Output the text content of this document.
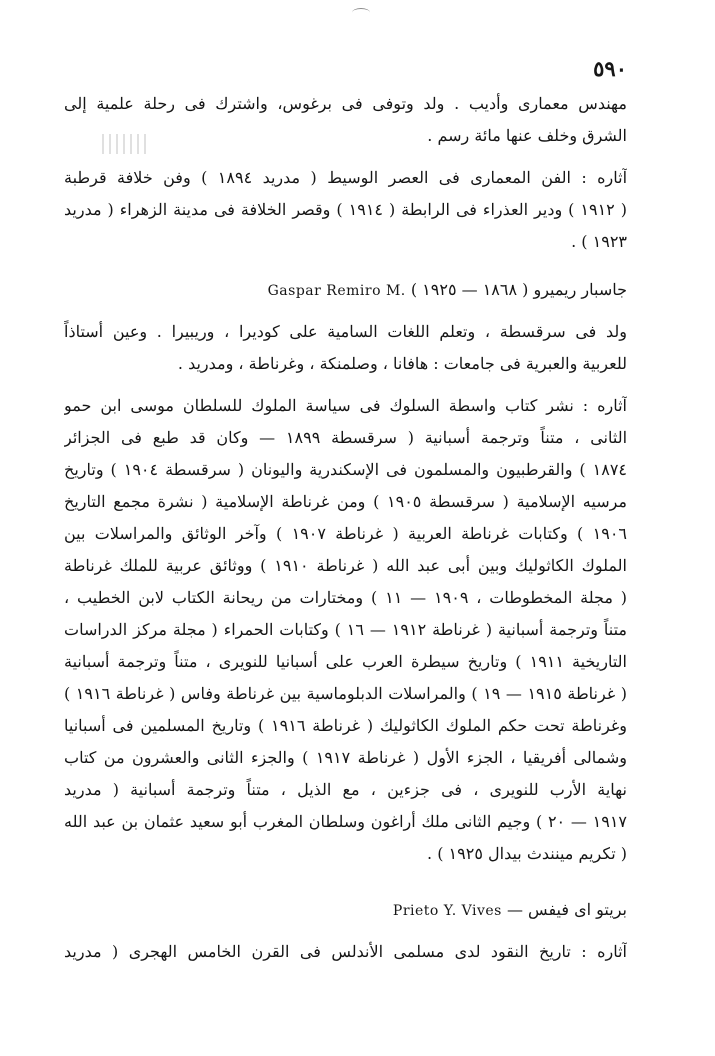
٥٩٠
مهندس معمارى وأديب . ولد وتوفى فى برغوس، واشترك فى رحلة علمية إلى
الشرق وخلف عنها مائة رسم .
آثاره : الفن المعمارى فى العصر الوسيط ( مدريد ١٨٩٤ ) وفن خلافة قرطبة
( ١٩١٢ ) ودير العذراء فى الرابطة ( ١٩١٤ ) وقصر الخلافة فى مدينة الزهراء ( مدريد
١٩٢٣ ) .
جاسبار ريميرو ( ١٨٦٨ — ١٩٢٥ ) Gaspar Remiro M.
ولد فى سرقسطة ، وتعلم اللغات السامية على كوديرا ، وريبيرا . وعين أستاذاً
للعربية والعبرية فى جامعات : هافانا ، وصلمنكة ، وغرناطة ، ومدريد .
آثاره : نشر كتاب واسطة السلوك فى سياسة الملوك للسلطان موسى ابن حمو
الثانى ، متناً وترجمة أسبانية ( سرقسطة ١٨٩٩ — وكان قد طبع فى الجزائر
١٨٧٤ ) والقرطبيون والمسلمون فى الإسكندرية واليونان ( سرقسطة ١٩٠٤ ) وتاريخ
مرسيه الإسلامية ( سرقسطة ١٩٠٥ ) ومن غرناطة الإسلامية ( نشرة مجمع التاريخ
١٩٠٦ ) وكتابات غرناطة العربية ( غرناطة ١٩٠٧ ) وآخر الوثائق والمراسلات بين
الملوك الكاثوليك وبين أبى عبد الله ( غرناطة ١٩١٠ ) ووثائق عربية للملك غرناطة
( مجلة المخطوطات ، ١٩٠٩ — ١١ ) ومختارات من ريحانة الكتاب لابن الخطيب ،
متناً وترجمة أسبانية ( غرناطة ١٩١٢ — ١٦ ) وكتابات الحمراء ( مجلة مركز الدراسات
التاريخية ١٩١١ ) وتاريخ سيطرة العرب على أسبانيا للنويرى ، متناً وترجمة أسبانية
( غرناطة ١٩١٥ — ١٩ ) والمراسلات الدبلوماسية بين غرناطة وفاس ( غرناطة ١٩١٦ )
وغرناطة تحت حكم الملوك الكاثوليك ( غرناطة ١٩١٦ ) وتاريخ المسلمين فى أسبانيا
وشمالى أفريقيا ، الجزء الأول ( غرناطة ١٩١٧ ) والجزء الثانى والعشرون من كتاب
نهاية الأرب للنويرى ، فى جزءين ، مع الذيل ، متناً وترجمة أسبانية ( مدريد
١٩١٧ — ٢٠ ) وجيم الثانى ملك أراغون وسلطان المغرب أبو سعيد عثمان بن عبد الله
( تكريم مينندث بيدال ١٩٢٥ ) .
بريتو اى فيفس — Prieto Y. Vives
آثاره : تاريخ النقود لدى مسلمى الأندلس فى القرن الخامس الهجرى ( مدريد
